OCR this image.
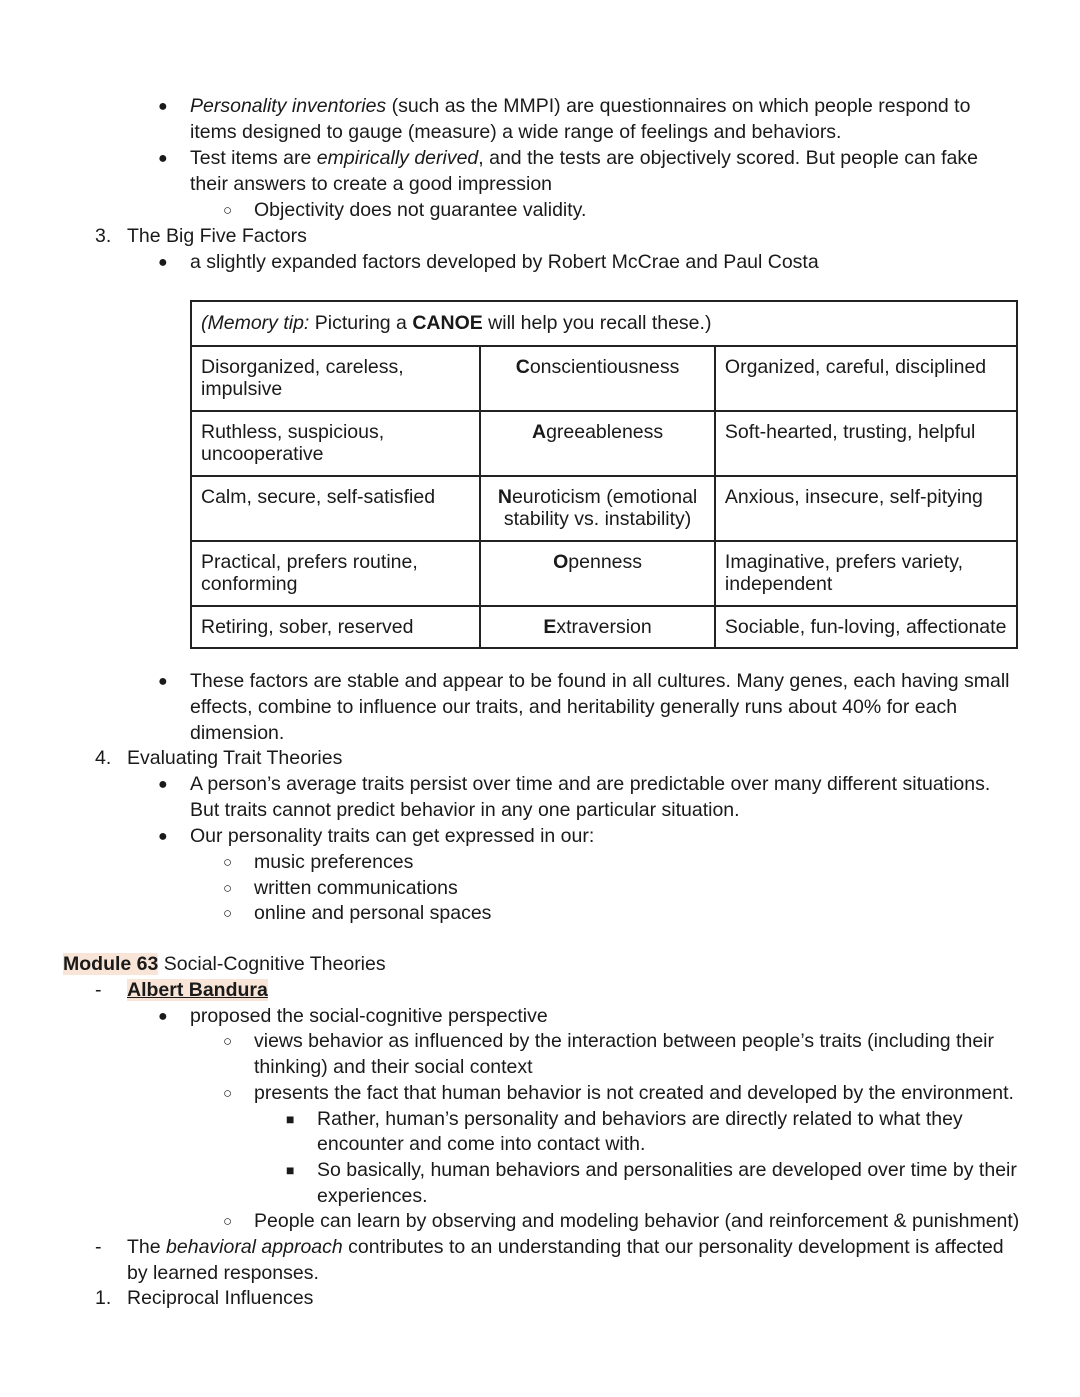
● Personality inventories (such as the MMPI) are questionnaires on which people respond to
items designed to gauge (measure) a wide range of feelings and behaviors.
● Test items are empirically derived, and the tests are objectively scored. But people can fake
their answers to create a good impression
○ Objectivity does not guarantee validity.
3. The Big Five Factors
● a slightly expanded factors developed by Robert McCrae and Paul Costa
(Memory tip: Picturing a CANOE will help you recall these.)		
Disorganized, careless, impulsive	Conscientiousness	Organized, careful, disciplined
Ruthless, suspicious, uncooperative	Agreeableness	Soft-hearted, trusting, helpful
Calm, secure, self-satisfied	Neuroticism (emotional stability vs. instability)	Anxious, insecure, self-pitying
Practical, prefers routine, conforming	Openness	Imaginative, prefers variety, independent
Retiring, sober, reserved	Extraversion	Sociable, fun-loving, affectionate
● These factors are stable and appear to be found in all cultures. Many genes, each having small
effects, combine to influence our traits, and heritability generally runs about 40% for each
dimension.
4. Evaluating Trait Theories
● A person’s average traits persist over time and are predictable over many different situations.
But traits cannot predict behavior in any one particular situation.
● Our personality traits can get expressed in our:
○ music preferences
○ written communications
○ online and personal spaces
Module 63 Social-Cognitive Theories
- Albert Bandura
● proposed the social-cognitive perspective
○ views behavior as influenced by the interaction between people’s traits (including their
thinking) and their social context
○ presents the fact that human behavior is not created and developed by the environment.
■ Rather, human’s personality and behaviors are directly related to what they
encounter and come into contact with.
■ So basically, human behaviors and personalities are developed over time by their
experiences.
○ People can learn by observing and modeling behavior (and reinforcement & punishment)
- The behavioral approach contributes to an understanding that our personality development is affected
by learned responses.
1. Reciprocal Influences
